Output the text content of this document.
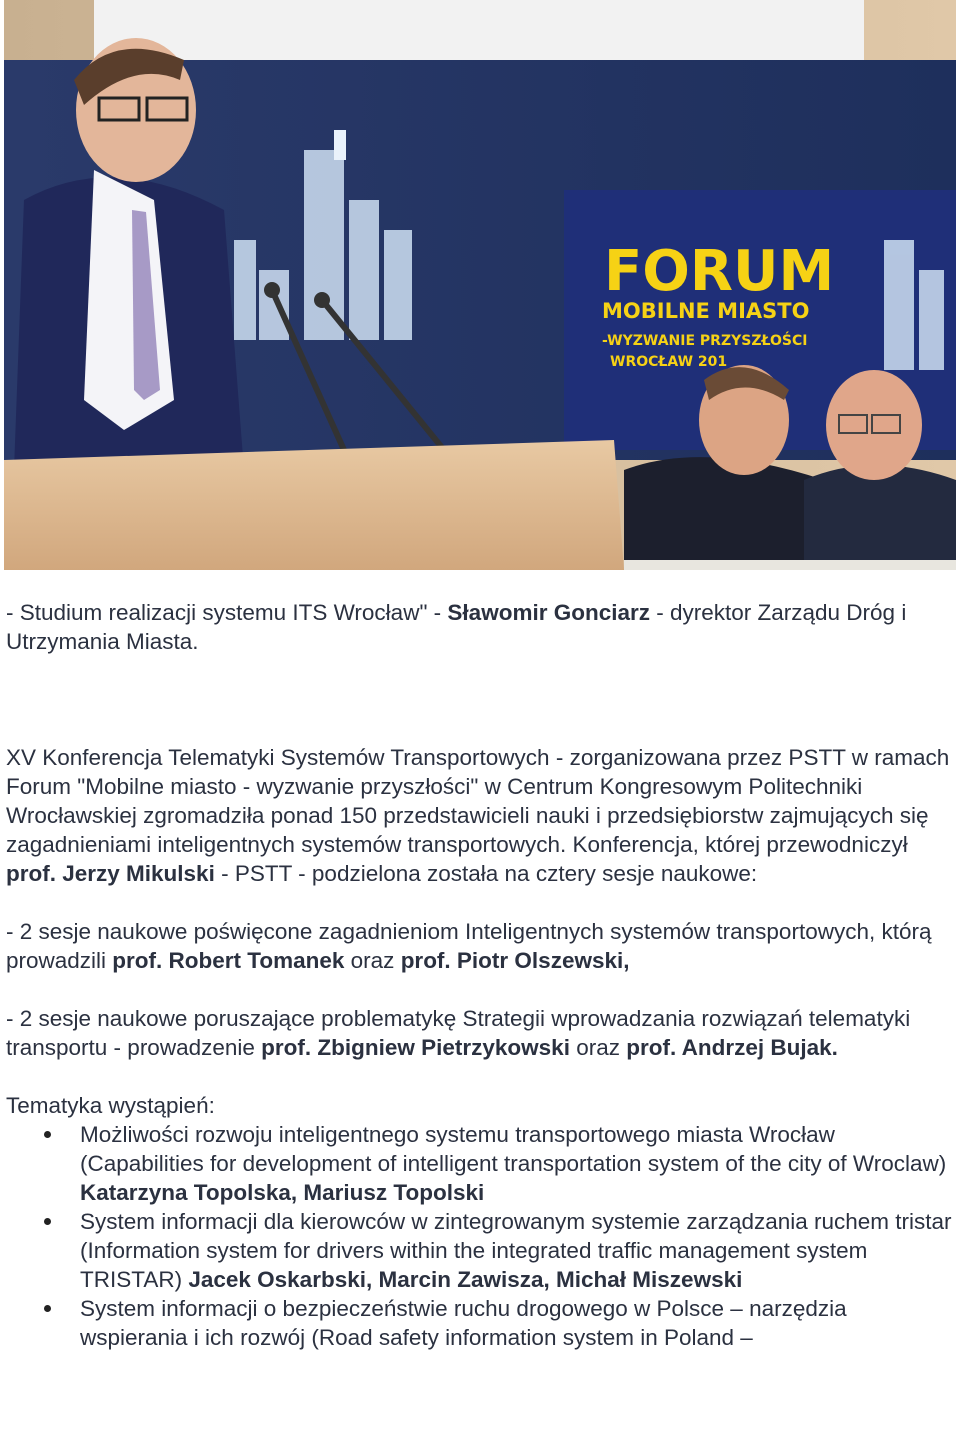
FORUM
MOBILNE MIASTO
-WYZWANIE PRZYSZŁOŚCI
WROCŁAW 201

- Studium realizacji systemu ITS Wrocław" - Sławomir Gonciarz - dyrektor Zarządu Dróg i Utrzymania Miasta.

XV Konferencja Telematyki Systemów Transportowych - zorganizowana przez PSTT w ramach Forum "Mobilne miasto - wyzwanie przyszłości" w Centrum Kongresowym Politechniki Wrocławskiej zgromadziła ponad 150 przedstawicieli nauki i przedsiębiorstw zajmujących się zagadnieniami inteligentnych systemów transportowych. Konferencja, której przewodniczył prof. Jerzy Mikulski - PSTT - podzielona została na cztery sesje naukowe:

- 2 sesje naukowe poświęcone zagadnieniom Inteligentnych systemów transportowych, którą prowadzili prof. Robert Tomanek oraz prof. Piotr Olszewski,

- 2 sesje naukowe poruszające problematykę Strategii wprowadzania rozwiązań telematyki transportu - prowadzenie prof. Zbigniew Pietrzykowski oraz prof. Andrzej Bujak.

Tematyka wystąpień:

Możliwości rozwoju inteligentnego systemu transportowego miasta Wrocław (Capabilities for development of intelligent transportation system of the city of Wroclaw) Katarzyna Topolska, Mariusz Topolski
System informacji dla kierowców w zintegrowanym systemie zarządzania ruchem tristar (Information system for drivers within the integrated traffic management system TRISTAR) Jacek Oskarbski, Marcin Zawisza, Michał Miszewski
System informacji o bezpieczeństwie ruchu drogowego w Polsce – narzędzia wspierania i ich rozwój (Road safety information system in Poland –
